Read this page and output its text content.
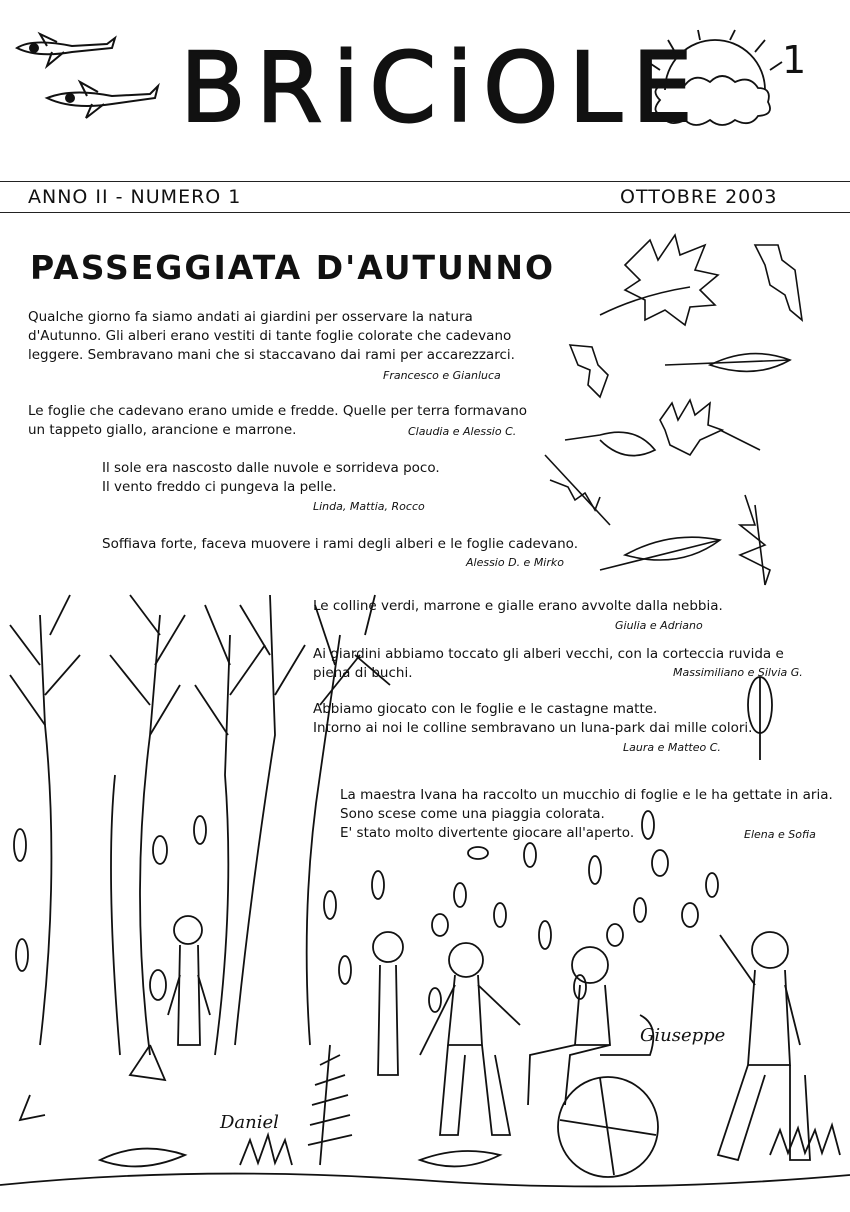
BRiCiOLE 1
ANNO II - NUMERO 1	OTTOBRE 2003
PASSEGGIATA D'AUTUNNO
Qualche giorno fa siamo andati ai giardini per osservare la natura
d'Autunno. Gli alberi erano vestiti di tante foglie colorate che cadevano
leggere. Sembravano mani che si staccavano dai rami per accarezzarci.
Francesco e Gianluca
Le foglie che cadevano erano umide e fredde. Quelle per terra formavano
un tappeto giallo, arancione e marrone.	Claudia e Alessio C.
Il sole era nascosto dalle nuvole e sorrideva poco.
Il vento freddo ci pungeva la pelle.
Linda, Mattia, Rocco
Soffiava forte, faceva muovere i rami degli alberi e le foglie cadevano.
Alessio D. e Mirko
Le colline verdi, marrone e gialle erano avvolte dalla nebbia.
Giulia e Adriano
Ai giardini abbiamo toccato gli alberi vecchi, con la corteccia ruvida e
piena di buchi.	Massimiliano e Silvia G.
Abbiamo giocato con le foglie e le castagne matte.
Intorno ai noi le colline sembravano un luna-park dai mille colori.
Laura e Matteo C.
La maestra Ivana ha raccolto un mucchio di foglie e le ha gettate in aria.
Sono scese come una piaggia colorata.
E' stato molto divertente giocare all'aperto.	Elena e Sofia
Daniel
Giuseppe
